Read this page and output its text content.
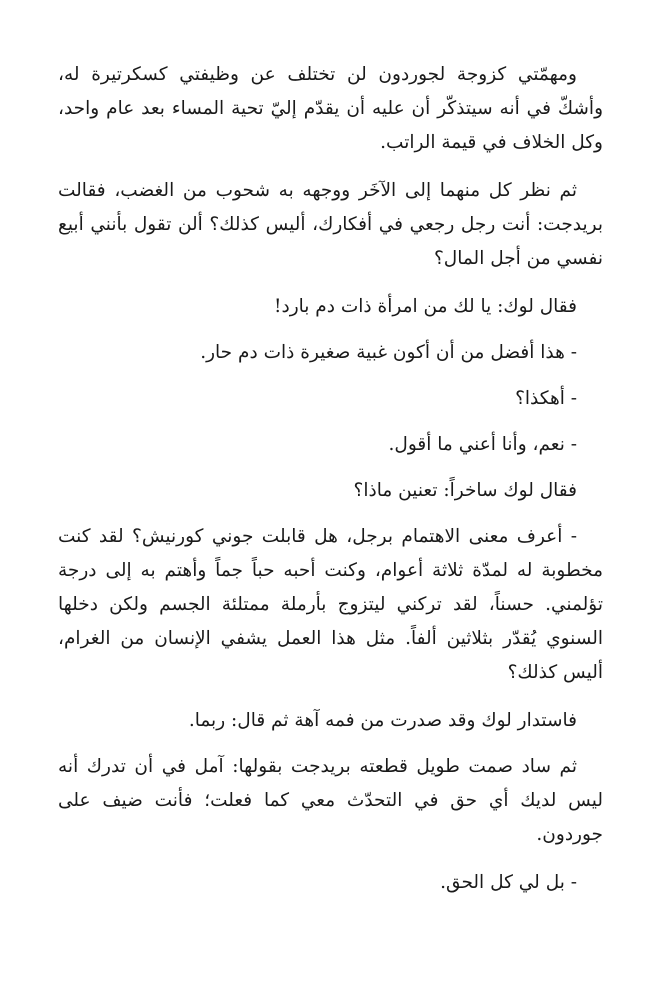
ومهمّتي كزوجة لجوردون لن تختلف عن وظيفتي كسكرتيرة له، وأشكّ في أنه سيتذكّر أن عليه أن يقدّم إليّ تحية المساء بعد عام واحد، وكل الخلاف في قيمة الراتب.

ثم نظر كل منهما إلى الآخَر ووجهه به شحوب من الغضب، فقالت بريدجت: أنت رجل رجعي في أفكارك، أليس كذلك؟ ألن تقول بأنني أبيع نفسي من أجل المال؟

فقال لوك: يا لك من امرأة ذات دم بارد!

- هذا أفضل من أن أكون غبية صغيرة ذات دم حار.

- أهكذا؟

- نعم، وأنا أعني ما أقول.

فقال لوك ساخراً: تعنين ماذا؟

- أعرف معنى الاهتمام برجل، هل قابلت جوني كورنيش؟ لقد كنت مخطوبة له لمدّة ثلاثة أعوام، وكنت أحبه حباً جماً وأهتم به إلى درجة تؤلمني. حسناً، لقد تركني ليتزوج بأرملة ممتلئة الجسم ولكن دخلها السنوي يُقدّر بثلاثين ألفاً. مثل هذا العمل يشفي الإنسان من الغرام، أليس كذلك؟

فاستدار لوك وقد صدرت من فمه آهة ثم قال: ربما.

ثم ساد صمت طويل قطعته بريدجت بقولها: آمل في أن تدرك أنه ليس لديك أي حق في التحدّث معي كما فعلت؛ فأنت ضيف على جوردون.

- بل لي كل الحق.
